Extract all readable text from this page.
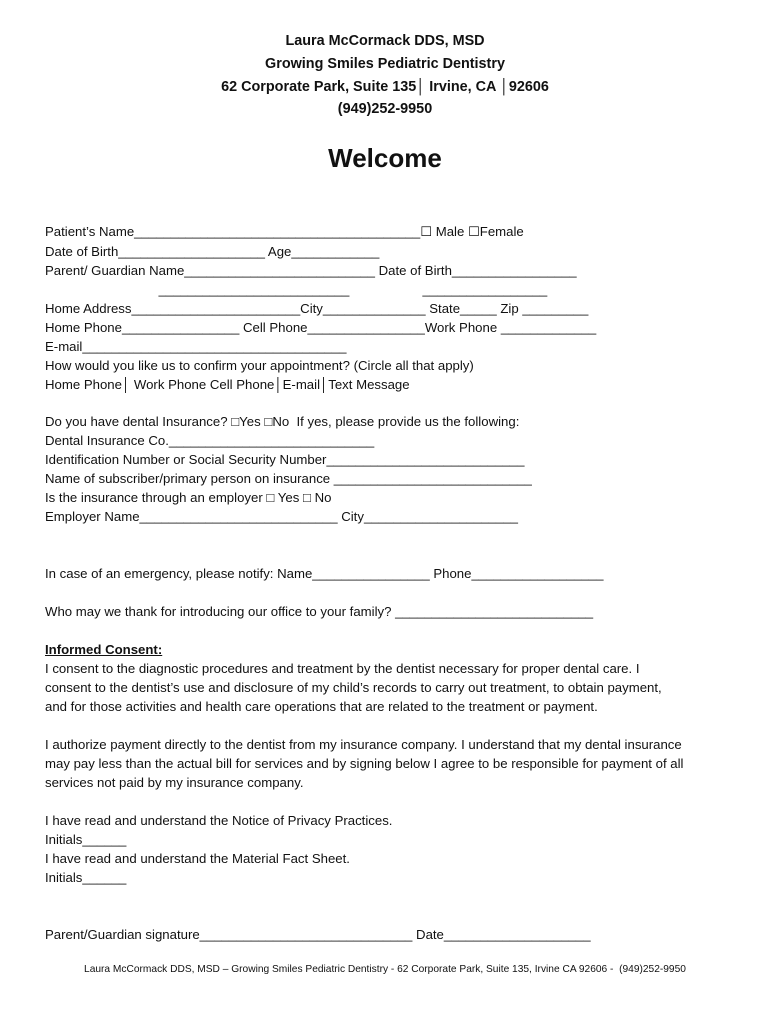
Laura McCormack DDS, MSD
Growing Smiles Pediatric Dentistry
62 Corporate Park, Suite 135│ Irvine, CA │92606
(949)252-9950
Welcome
Patient’s Name_______________________________________☐ Male ☐Female
Date of Birth____________________ Age____________
Parent/ Guardian Name__________________________ Date of Birth_________________
__________________________                    _________________
Home Address_______________________City______________ State_____ Zip _________
Home Phone________________ Cell Phone________________Work Phone _____________
E-mail____________________________________
How would you like us to confirm your appointment? (Circle all that apply)
Home Phone│ Work Phone Cell Phone│E-mail│Text Message
Do you have dental Insurance? □Yes □No  If yes, please provide us the following:
Dental Insurance Co.____________________________
Identification Number or Social Security Number___________________________
Name of subscriber/primary person on insurance ___________________________
Is the insurance through an employer □ Yes □ No
Employer Name___________________________ City_____________________
In case of an emergency, please notify: Name________________ Phone__________________
Who may we thank for introducing our office to your family? ___________________________
Informed Consent:
I consent to the diagnostic procedures and treatment by the dentist necessary for proper dental care. I
consent to the dentist’s use and disclosure of my child’s records to carry out treatment, to obtain payment,
and for those activities and health care operations that are related to the treatment or payment.
I authorize payment directly to the dentist from my insurance company. I understand that my dental insurance
may pay less than the actual bill for services and by signing below I agree to be responsible for payment of all
services not paid by my insurance company.
I have read and understand the Notice of Privacy Practices.
Initials______
I have read and understand the Material Fact Sheet.
Initials______
Parent/Guardian signature_____________________________ Date____________________
Laura McCormack DDS, MSD – Growing Smiles Pediatric Dentistry - 62 Corporate Park, Suite 135, Irvine CA 92606 -  (949)252-9950
